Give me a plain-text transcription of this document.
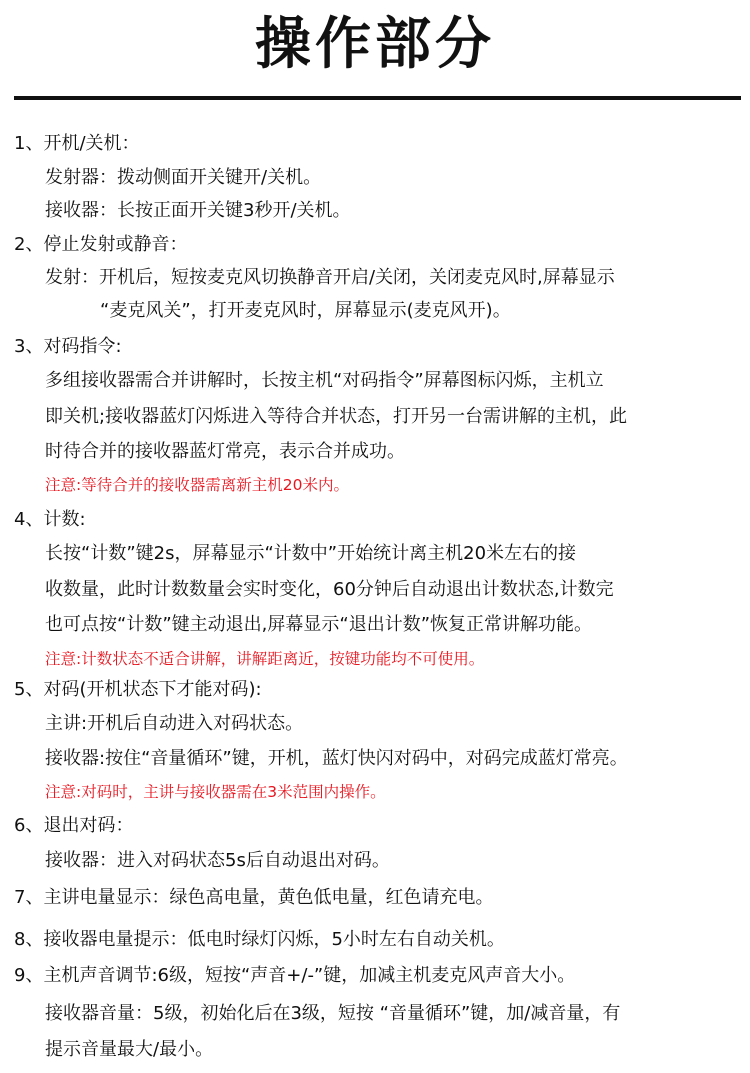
操作部分
1、开机/关机：
发射器：拨动侧面开关键开/关机。
接收器：长按正面开关键3秒开/关机。
2、停止发射或静音：
发射：开机后，短按麦克风切换静音开启/关闭，关闭麦克风时,屏幕显示
“麦克风关”，打开麦克风时，屏幕显示(麦克风开)。
3、对码指令:
多组接收器需合并讲解时，长按主机“对码指令”屏幕图标闪烁，主机立
即关机;接收器蓝灯闪烁进入等待合并状态，打开另一台需讲解的主机，此
时待合并的接收器蓝灯常亮，表示合并成功。
注意:等待合并的接收器需离新主机20米内。
4、计数:
长按“计数”键2s，屏幕显示“计数中”开始统计离主机20米左右的接
收数量，此时计数数量会实时变化，60分钟后自动退出计数状态,计数完
也可点按“计数”键主动退出,屏幕显示“退出计数”恢复正常讲解功能。
注意:计数状态不适合讲解，讲解距离近，按键功能均不可使用。
5、对码(开机状态下才能对码):
主讲:开机后自动进入对码状态。
接收器:按住“音量循环”键，开机，蓝灯快闪对码中，对码完成蓝灯常亮。
注意:对码时，主讲与接收器需在3米范围内操作。
6、退出对码：
接收器：进入对码状态5s后自动退出对码。
7、主讲电量显示：绿色高电量，黄色低电量，红色请充电。
8、接收器电量提示：低电时绿灯闪烁，5小时左右自动关机。
9、主机声音调节:6级，短按“声音+/-”键，加减主机麦克风声音大小。
接收器音量：5级，初始化后在3级，短按 “音量循环”键，加/减音量，有
提示音量最大/最小。
